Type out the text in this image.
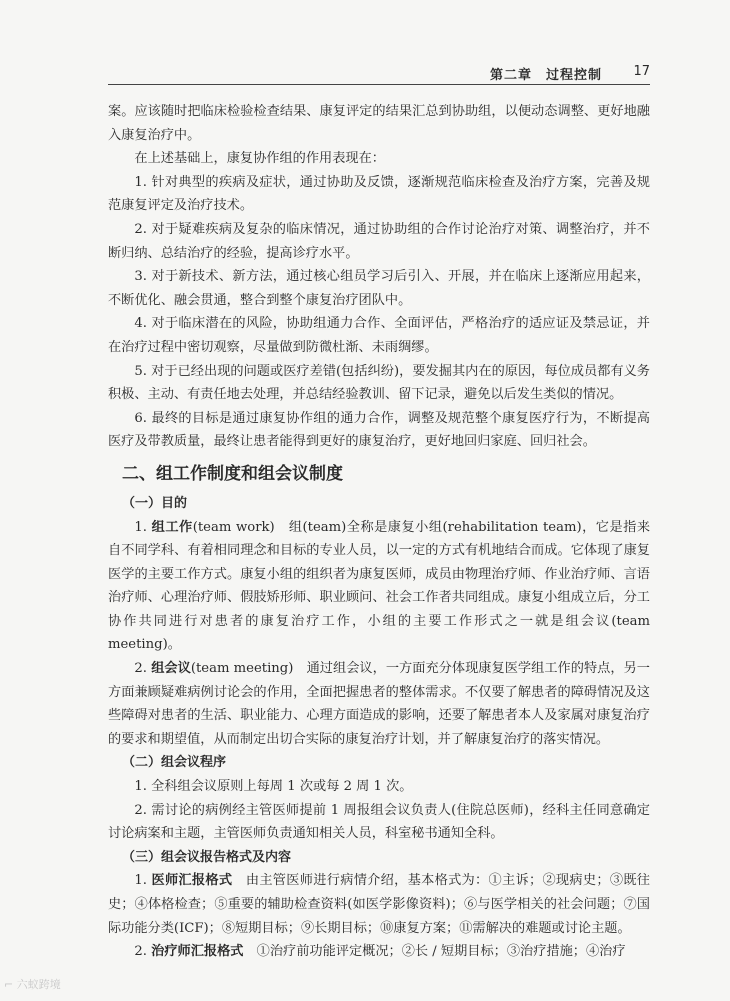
第二章　过程控制 17

案。应该随时把临床检验检查结果、康复评定的结果汇总到协助组，以便动态调整、更好地融入康复治疗中。

在上述基础上，康复协作组的作用表现在：

1. 针对典型的疾病及症状，通过协助及反馈，逐渐规范临床检查及治疗方案，完善及规范康复评定及治疗技术。

2. 对于疑难疾病及复杂的临床情况，通过协助组的合作讨论治疗对策、调整治疗，并不断归纳、总结治疗的经验，提高诊疗水平。

3. 对于新技术、新方法，通过核心组员学习后引入、开展，并在临床上逐渐应用起来，不断优化、融会贯通，整合到整个康复治疗团队中。

4. 对于临床潜在的风险，协助组通力合作、全面评估，严格治疗的适应证及禁忌证，并在治疗过程中密切观察，尽量做到防微杜渐、未雨绸缪。

5. 对于已经出现的问题或医疗差错(包括纠纷)，要发掘其内在的原因，每位成员都有义务积极、主动、有责任地去处理，并总结经验教训、留下记录，避免以后发生类似的情况。

6. 最终的目标是通过康复协作组的通力合作，调整及规范整个康复医疗行为，不断提高医疗及带教质量，最终让患者能得到更好的康复治疗，更好地回归家庭、回归社会。

二、组工作制度和组会议制度
（一）目的

1. 组工作(team work)　组(team)全称是康复小组(rehabilitation team)，它是指来自不同学科、有着相同理念和目标的专业人员，以一定的方式有机地结合而成。它体现了康复医学的主要工作方式。康复小组的组织者为康复医师，成员由物理治疗师、作业治疗师、言语治疗师、心理治疗师、假肢矫形师、职业顾问、社会工作者共同组成。康复小组成立后，分工协作共同进行对患者的康复治疗工作，小组的主要工作形式之一就是组会议(team meeting)。

2. 组会议(team meeting)　通过组会议，一方面充分体现康复医学组工作的特点，另一方面兼顾疑难病例讨论会的作用，全面把握患者的整体需求。不仅要了解患者的障碍情况及这些障碍对患者的生活、职业能力、心理方面造成的影响，还要了解患者本人及家属对康复治疗的要求和期望值，从而制定出切合实际的康复治疗计划，并了解康复治疗的落实情况。

（二）组会议程序

1. 全科组会议原则上每周 1 次或每 2 周 1 次。

2. 需讨论的病例经主管医师提前 1 周报组会议负责人(住院总医师)，经科主任同意确定讨论病案和主题，主管医师负责通知相关人员，科室秘书通知全科。

（三）组会议报告格式及内容

1. 医师汇报格式　由主管医师进行病情介绍，基本格式为：①主诉；②现病史；③既往史；④体格检查；⑤重要的辅助检查资料(如医学影像资料)；⑥与医学相关的社会问题；⑦国际功能分类(ICF)；⑧短期目标；⑨长期目标；⑩康复方案；⑪需解决的难题或讨论主题。

2. 治疗师汇报格式　①治疗前功能评定概况；②长 / 短期目标；③治疗措施；④治疗

⌐ 六蚁跨境
